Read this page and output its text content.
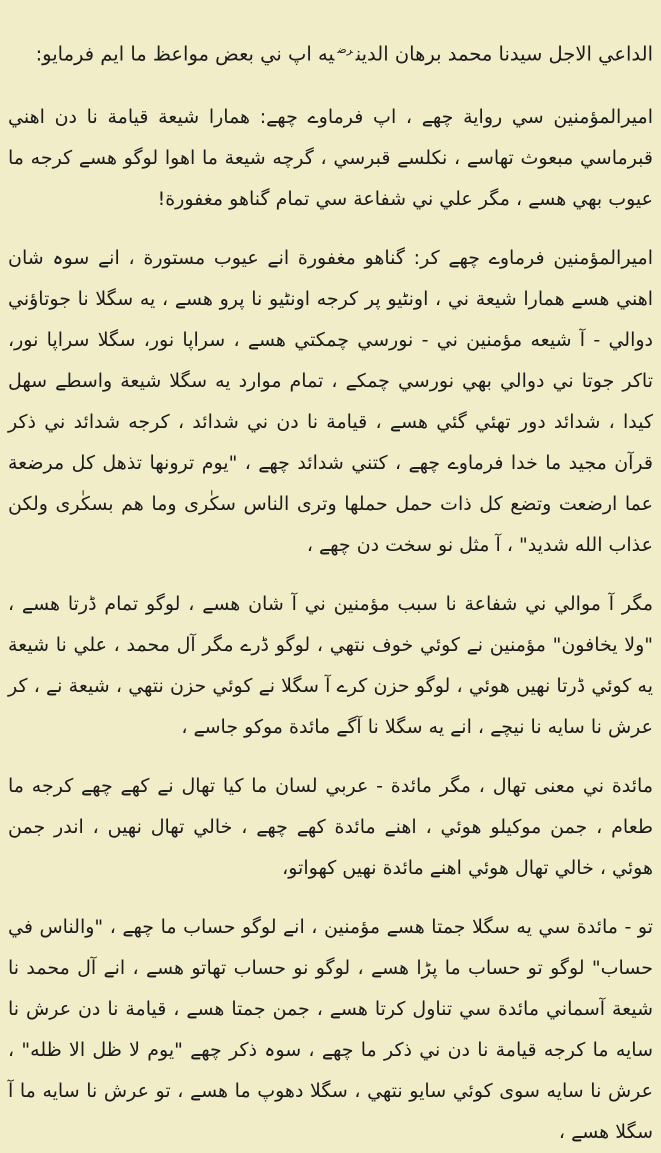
الداعي الاجل سيدنا محمد برهان الدين$^{رض}$يه اپ ني بعض مواعظ ما ايم فرمايو:

اميرالمؤمنين سي رواية چهے ، اپ فرماوے چهے: همارا شيعة قيامة نا دن اهني قبرماسي مبعوث تهاسے ، نكلسے قبرسي ، گرچه شيعة ما اهوا لوگو هسے كرجه ما عيوب بهي هسے ، مگر علي ني شفاعة سي تمام گناهو مغفورة!

اميرالمؤمنين فرماوے چهے كر: گناهو مغفورة انے عيوب مستورة ، انے سوہ شان اهني هسے همارا شيعة ني ، اونٹيو پر كرجه اونٹيو نا پرو هسے ، يه سگلا نا جوتاؤني دوالي - آ شيعه مؤمنين ني - نورسي چمكتي هسے ، سراپا نور، سگلا سراپا نور، تاكر جوتا ني دوالي بهي نورسي چمكے ، تمام موارد يه سگلا شيعة واسطے سهل كيدا ، شدائد دور تهئي گئي هسے ، قيامة نا دن ني شدائد ، كرجه شدائد ني ذكر قرآن مجيد ما خدا فرماوے چهے ، كتني شدائد چهے ، "يوم ترونها تذهل كل مرضعة عما ارضعت وتضع كل ذات حمل حملها وترى الناس سكٰرى وما هم بسكٰرى ولكن عذاب الله شديد" ، آ مثل نو سخت دن چهے ،

مگر آ موالي ني شفاعة نا سبب مؤمنين ني آ شان هسے ، لوگو تمام ڈرتا هسے ، "ولا يخافون" مؤمنين نے كوئي خوف نتهي ، لوگو ڈرے مگر آل محمد ، علي نا شيعة يه كوئي ڈرتا نهيں هوئي ، لوگو حزن كرے آ سگلا نے كوئي حزن نتهي ، شيعة نے ، كر عرش نا سايه نا نيچے ، انے يه سگلا نا آگے مائدة موكو جاسے ،

مائدة ني معنى تهال ، مگر مائدة - عربي لسان ما كيا تهال نے كهے چهے كرجه ما طعام ، جمن موكيلو هوئي ، اهنے مائدة كهے چهے ، خالي تهال نهيں ، اندر جمن هوئي ، خالي تهال هوئي اهنے مائدة نهيں كهواتو،

تو - مائدة سي يه سگلا جمتا هسے مؤمنين ، انے لوگو حساب ما چهے ، "والناس في حساب" لوگو تو حساب ما پڑا هسے ، لوگو نو حساب تهاتو هسے ، انے آل محمد نا شيعة آسماني مائدة سي تناول كرتا هسے ، جمن جمتا هسے ، قيامة نا دن عرش نا سايه ما كرجه قيامة نا دن ني ذكر ما چهے ، سوہ ذكر چهے "يوم لا ظل الا ظله" ، عرش نا سايه سوى كوئي سايو نتهي ، سگلا دهوپ ما هسے ، تو عرش نا سايه ما آ سگلا هسے ،
